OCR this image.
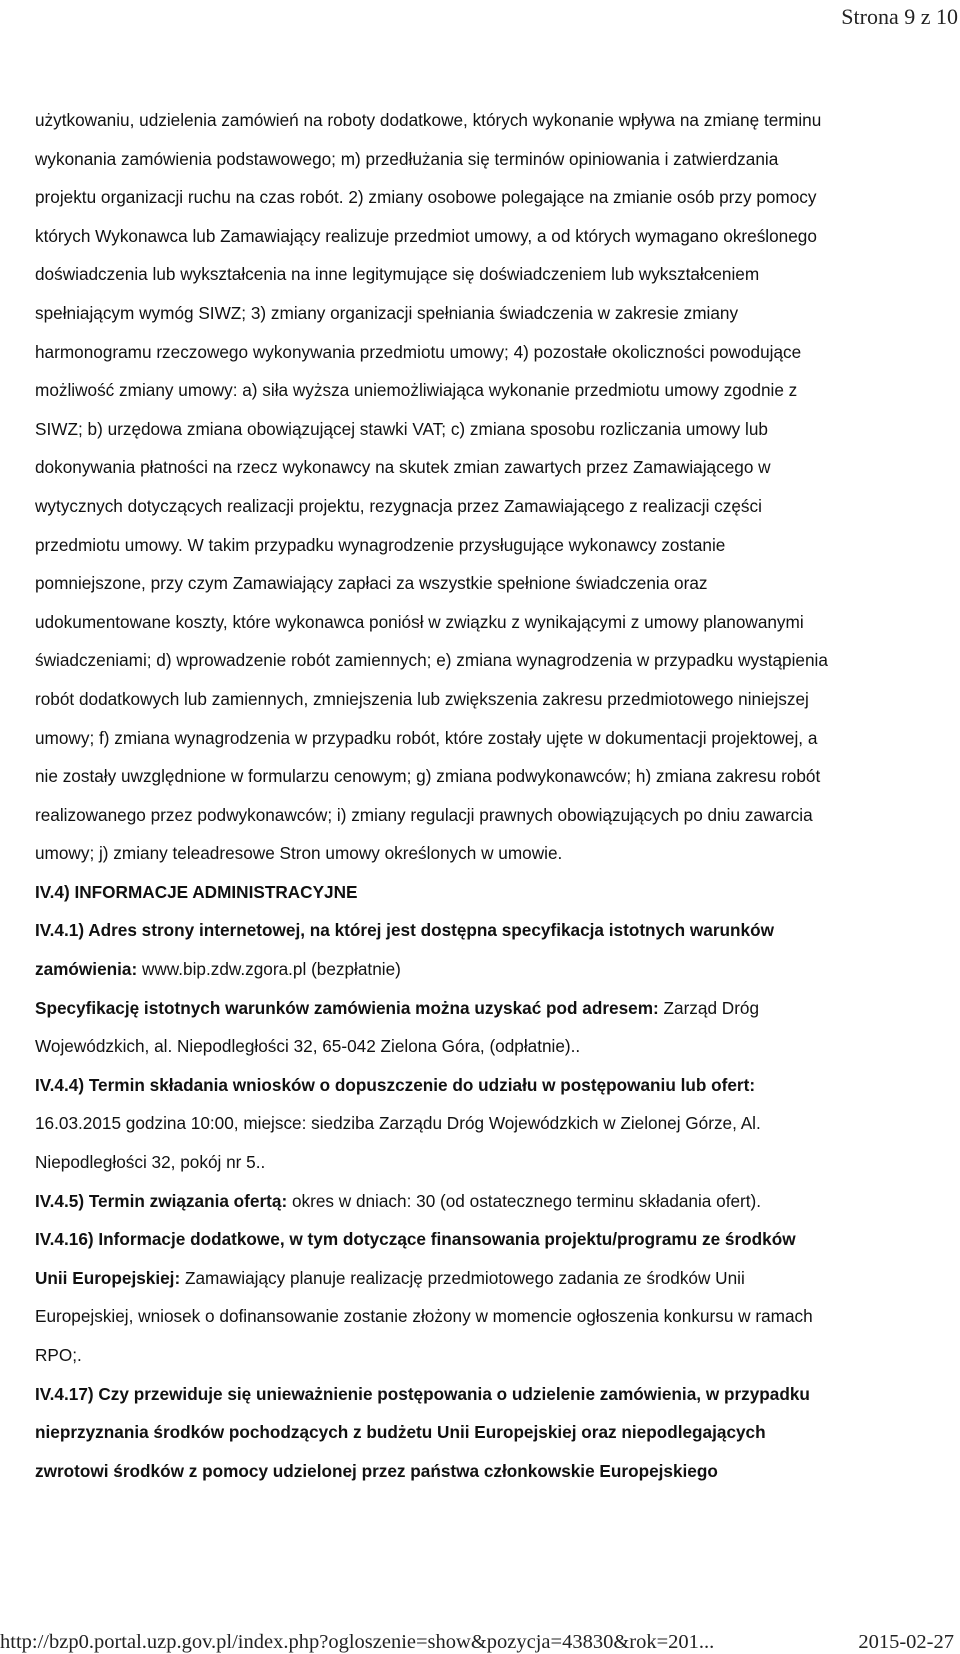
Strona 9 z 10
użytkowaniu, udzielenia zamówień na roboty dodatkowe, których wykonanie wpływa na zmianę terminu
wykonania zamówienia podstawowego; m) przedłużania się terminów opiniowania i zatwierdzania
projektu organizacji ruchu na czas robót. 2) zmiany osobowe polegające na zmianie osób przy pomocy
których Wykonawca lub Zamawiający realizuje przedmiot umowy, a od których wymagano określonego
doświadczenia lub wykształcenia na inne legitymujące się doświadczeniem lub wykształceniem
spełniającym wymóg SIWZ; 3) zmiany organizacji spełniania świadczenia w zakresie zmiany
harmonogramu rzeczowego wykonywania przedmiotu umowy; 4) pozostałe okoliczności powodujące
możliwość zmiany umowy: a) siła wyższa uniemożliwiająca wykonanie przedmiotu umowy zgodnie z
SIWZ; b) urzędowa zmiana obowiązującej stawki VAT; c) zmiana sposobu rozliczania umowy lub
dokonywania płatności na rzecz wykonawcy na skutek zmian zawartych przez Zamawiającego w
wytycznych dotyczących realizacji projektu, rezygnacja przez Zamawiającego z realizacji części
przedmiotu umowy. W takim przypadku wynagrodzenie przysługujące wykonawcy zostanie
pomniejszone, przy czym Zamawiający zapłaci za wszystkie spełnione świadczenia oraz
udokumentowane koszty, które wykonawca poniósł w związku z wynikającymi z umowy planowanymi
świadczeniami; d) wprowadzenie robót zamiennych; e) zmiana wynagrodzenia w przypadku wystąpienia
robót dodatkowych lub zamiennych, zmniejszenia lub zwiększenia zakresu przedmiotowego niniejszej
umowy; f) zmiana wynagrodzenia w przypadku robót, które zostały ujęte w dokumentacji projektowej, a
nie zostały uwzględnione w formularzu cenowym; g) zmiana podwykonawców; h) zmiana zakresu robót
realizowanego przez podwykonawców; i) zmiany regulacji prawnych obowiązujących po dniu zawarcia
umowy; j) zmiany teleadresowe Stron umowy określonych w umowie.
IV.4) INFORMACJE ADMINISTRACYJNE
IV.4.1) Adres strony internetowej, na której jest dostępna specyfikacja istotnych warunków
zamówienia: www.bip.zdw.zgora.pl (bezpłatnie)
Specyfikację istotnych warunków zamówienia można uzyskać pod adresem: Zarząd Dróg
Wojewódzkich, al. Niepodległości 32, 65-042 Zielona Góra, (odpłatnie)..
IV.4.4) Termin składania wniosków o dopuszczenie do udziału w postępowaniu lub ofert:
16.03.2015 godzina 10:00, miejsce: siedziba Zarządu Dróg Wojewódzkich w Zielonej Górze, Al.
Niepodległości 32, pokój nr 5..
IV.4.5) Termin związania ofertą: okres w dniach: 30 (od ostatecznego terminu składania ofert).
IV.4.16) Informacje dodatkowe, w tym dotyczące finansowania projektu/programu ze środków
Unii Europejskiej: Zamawiający planuje realizację przedmiotowego zadania ze środków Unii
Europejskiej, wniosek o dofinansowanie zostanie złożony w momencie ogłoszenia konkursu w ramach
RPO;.
IV.4.17) Czy przewiduje się unieważnienie postępowania o udzielenie zamówienia, w przypadku
nieprzyznania środków pochodzących z budżetu Unii Europejskiej oraz niepodlegających
zwrotowi środków z pomocy udzielonej przez państwa członkowskie Europejskiego
http://bzp0.portal.uzp.gov.pl/index.php?ogloszenie=show&pozycja=43830&rok=201...	2015-02-27
